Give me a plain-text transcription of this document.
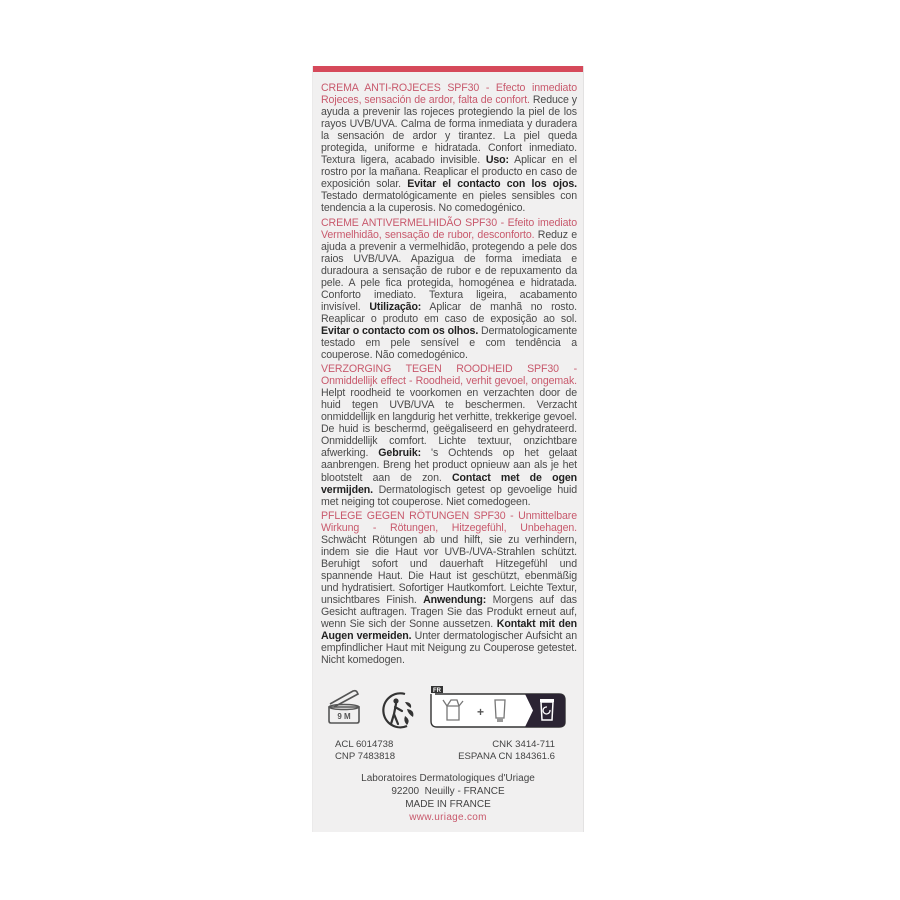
CREMA ANTI-ROJECES SPF30 - Efecto inmediato Rojeces, sensación de ardor, falta de confort. Reduce y ayuda a prevenir las rojeces protegiendo la piel de los rayos UVB/UVA. Calma de forma inmediata y duradera la sensación de ardor y tirantez. La piel queda protegida, uniforme e hidratada. Confort inmediato. Textura ligera, acabado invisible. Uso: Aplicar en el rostro por la mañana. Reaplicar el producto en caso de exposición solar. Evitar el contacto con los ojos. Testado dermatológicamente en pieles sensibles con tendencia a la cuperosis. No comedogénico.
CREME ANTIVERMELHIDÃO SPF30 - Efeito imediato Vermelhidão, sensação de rubor, desconforto. Reduz e ajuda a prevenir a vermelhidão, protegendo a pele dos raios UVB/UVA. Apazigua de forma imediata e duradoura a sensação de rubor e de repuxamento da pele. A pele fica protegida, homogénea e hidratada. Conforto imediato. Textura ligeira, acabamento invisível. Utilização: Aplicar de manhã no rosto. Reaplicar o produto em caso de exposição ao sol. Evitar o contacto com os olhos. Dermatologicamente testado em pele sensível e com tendência a couperose. Não comedogénico.
VERZORGING TEGEN ROODHEID SPF30 - Onmiddellijk effect - Roodheid, verhit gevoel, ongemak. Helpt roodheid te voorkomen en verzachten door de huid tegen UVB/UVA te beschermen. Verzacht onmiddellijk en langdurig het verhitte, trekkerige gevoel. De huid is beschermd, geëgaliseerd en gehydrateerd. Onmiddellijk comfort. Lichte textuur, onzichtbare afwerking. Gebruik: 's Ochtends op het gelaat aanbrengen. Breng het product opnieuw aan als je het blootstelt aan de zon. Contact met de ogen vermijden. Dermatologisch getest op gevoelige huid met neiging tot couperose. Niet comedogeen.
PFLEGE GEGEN RÖTUNGEN SPF30 - Unmittelbare Wirkung - Rötungen, Hitzegefühl, Unbehagen. Schwächt Rötungen ab und hilft, sie zu verhindern, indem sie die Haut vor UVB-/UVA-Strahlen schützt. Beruhigt sofort und dauerhaft Hitzegefühl und spannende Haut. Die Haut ist geschützt, ebenmäßig und hydratisiert. Sofortiger Hautkomfort. Leichte Textur, unsichtbares Finish. Anwendung: Morgens auf das Gesicht auftragen. Tragen Sie das Produkt erneut auf, wenn Sie sich der Sonne aussetzen. Kontakt mit den Augen vermeiden. Unter dermatologischer Aufsicht an empfindlicher Haut mit Neigung zu Couperose getestet. Nicht komedogen.
9 M
FR
+
ACL 6014738	CNK 3414-711
CNP 7483818	ESPANA CN 184361.6
Laboratoires Dermatologiques d'Uriage
92200  Neuilly - FRANCE
MADE IN FRANCE
www.uriage.com
